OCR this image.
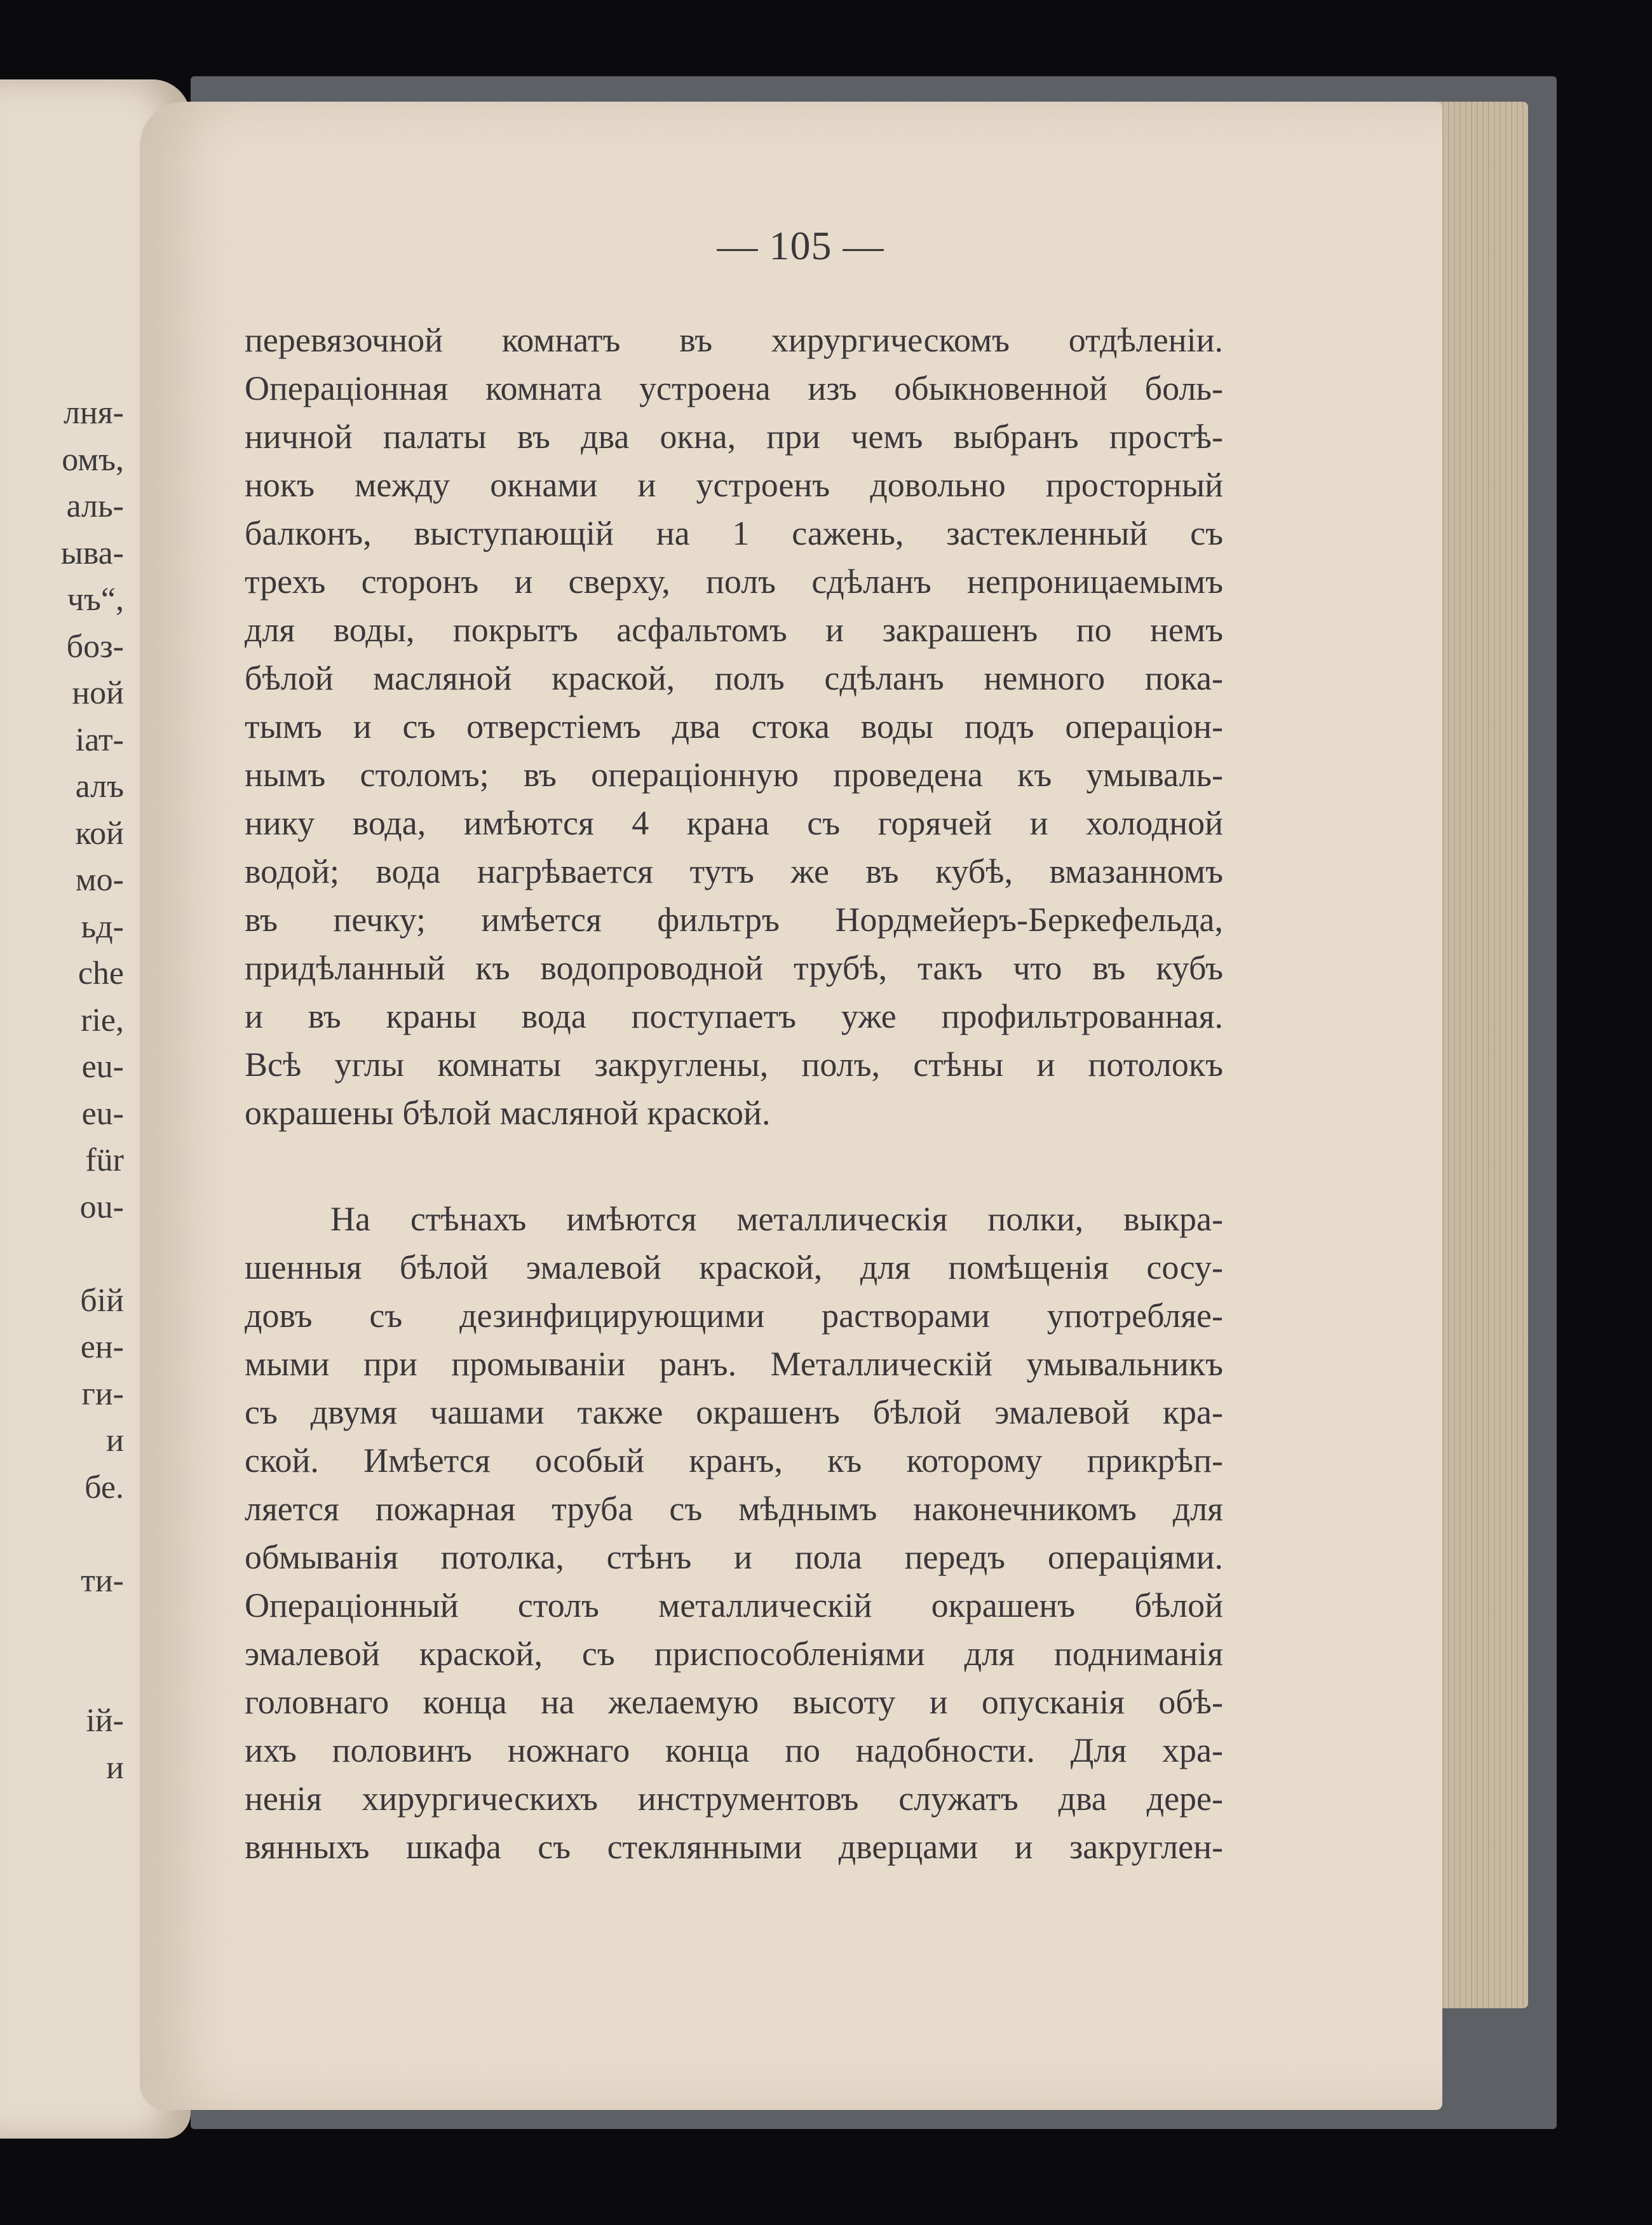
лня-
омъ,
аль-
ыва-
чъ“,
боз-
ной
іат-
алъ
кой
мо-
ьд-
che
rie,
eu-
eu-
für
ou-
бій
ен-
ги-
и
бе.
ти-
ій-
и
— 105 —
перевязочной комнатъ въ хирургическомъ отдѣленіи.
Операціонная комната устроена изъ обыкновенной боль-
ничной палаты въ два окна, при чемъ выбранъ простѣ-
нокъ между окнами и устроенъ довольно просторный
балконъ, выступающій на 1 сажень, застекленный съ
трехъ сторонъ и сверху, полъ сдѣланъ непроницаемымъ
для воды, покрытъ асфальтомъ и закрашенъ по немъ
бѣлой масляной краской, полъ сдѣланъ немного пока-
тымъ и съ отверстіемъ два стока воды подъ операціон-
нымъ столомъ; въ операціонную проведена къ умываль-
нику вода, имѣются 4 крана съ горячей и холодной
водой; вода нагрѣвается тутъ же въ кубѣ, вмазанномъ
въ печку; имѣется фильтръ Нордмейеръ-Беркефельда,
придѣланный къ водопроводной трубѣ, такъ что въ кубъ
и въ краны вода поступаетъ уже профильтрованная.
Всѣ углы комнаты закруглены, полъ, стѣны и потолокъ
окрашены бѣлой масляной краской.
На стѣнахъ имѣются металлическія полки, выкра-
шенныя бѣлой эмалевой краской, для помѣщенія сосу-
довъ съ дезинфицирующими растворами употребляе-
мыми при промываніи ранъ. Металлическій умывальникъ
съ двумя чашами также окрашенъ бѣлой эмалевой кра-
ской. Имѣется особый кранъ, къ которому прикрѣп-
ляется пожарная труба съ мѣднымъ наконечникомъ для
обмыванія потолка, стѣнъ и пола передъ операціями.
Операціонный столъ металлическій окрашенъ бѣлой
эмалевой краской, съ приспособленіями для подниманія
головнаго конца на желаемую высоту и опусканія обѣ-
ихъ половинъ ножнаго конца по надобности. Для хра-
ненія хирургическихъ инструментовъ служатъ два дере-
вянныхъ шкафа съ стеклянными дверцами и закруглен-
